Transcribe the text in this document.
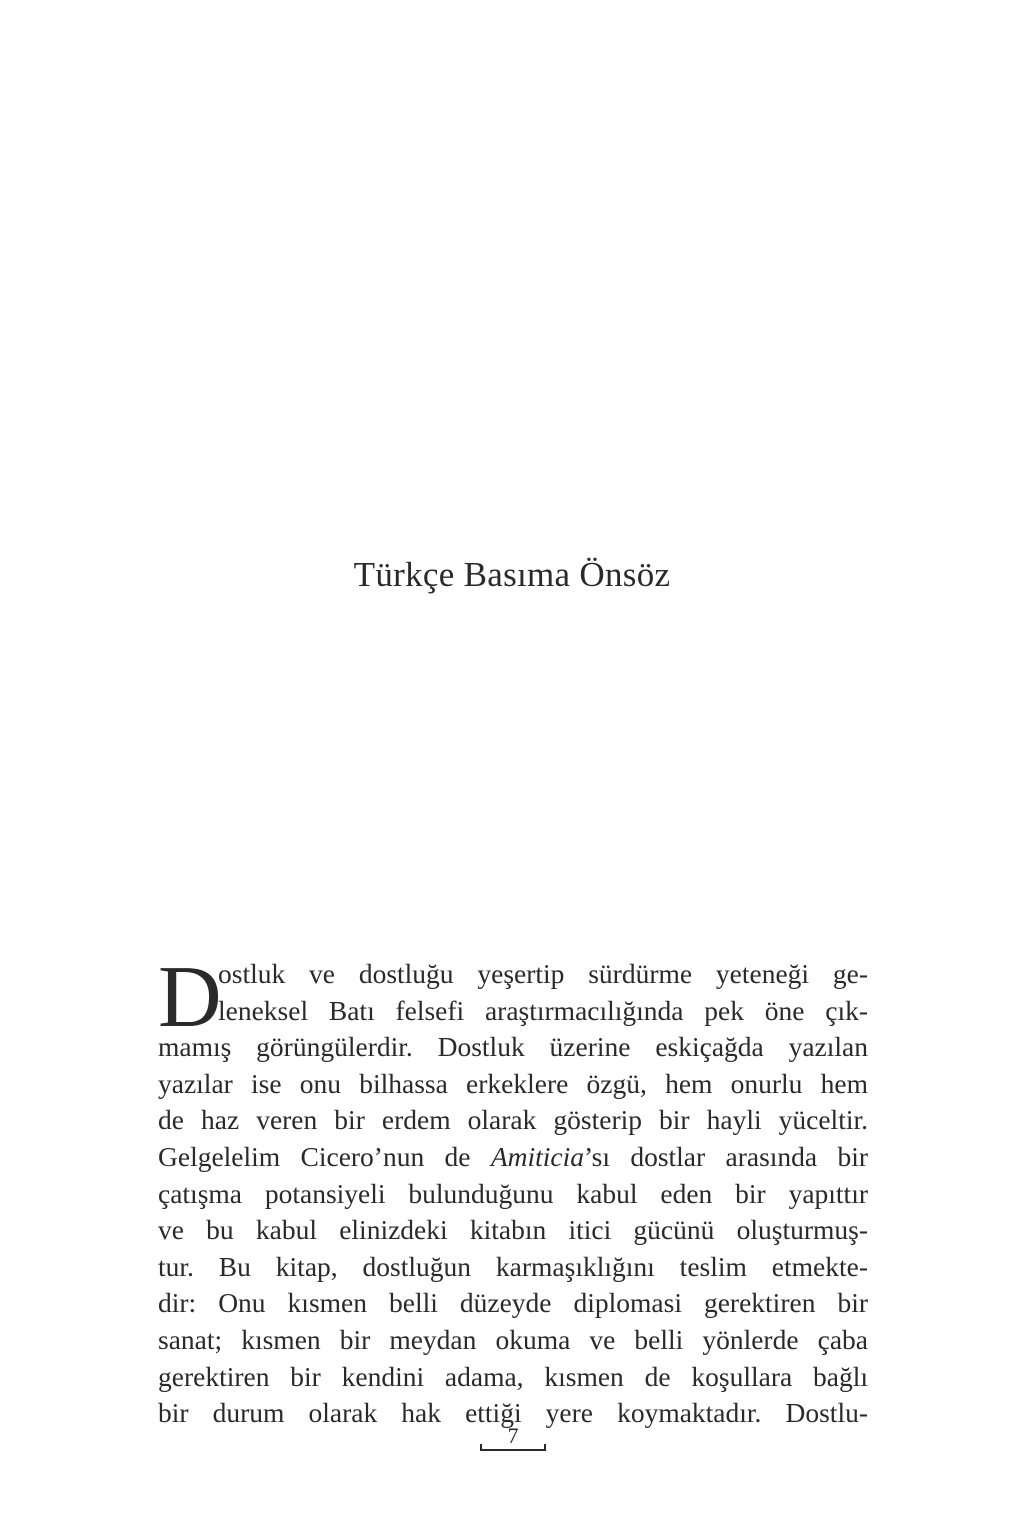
Türkçe Basıma Önsöz
D
ostluk ve dostluğu yeşertip sürdürme yeteneği ge-
leneksel Batı felsefi araştırmacılığında pek öne çık-
mamış görüngülerdir. Dostluk üzerine eskiçağda yazılan
yazılar ise onu bilhassa erkeklere özgü, hem onurlu hem
de haz veren bir erdem olarak gösterip bir hayli yüceltir.
Gelgelelim Cicero’nun de Amiticia’sı dostlar arasında bir
çatışma potansiyeli bulunduğunu kabul eden bir yapıttır
ve bu kabul elinizdeki kitabın itici gücünü oluşturmuş-
tur. Bu kitap, dostluğun karmaşıklığını teslim etmekte-
dir: Onu kısmen belli düzeyde diplomasi gerektiren bir
sanat; kısmen bir meydan okuma ve belli yönlerde çaba
gerektiren bir kendini adama, kısmen de koşullara bağlı
bir durum olarak hak ettiği yere koymaktadır. Dostlu-
7
